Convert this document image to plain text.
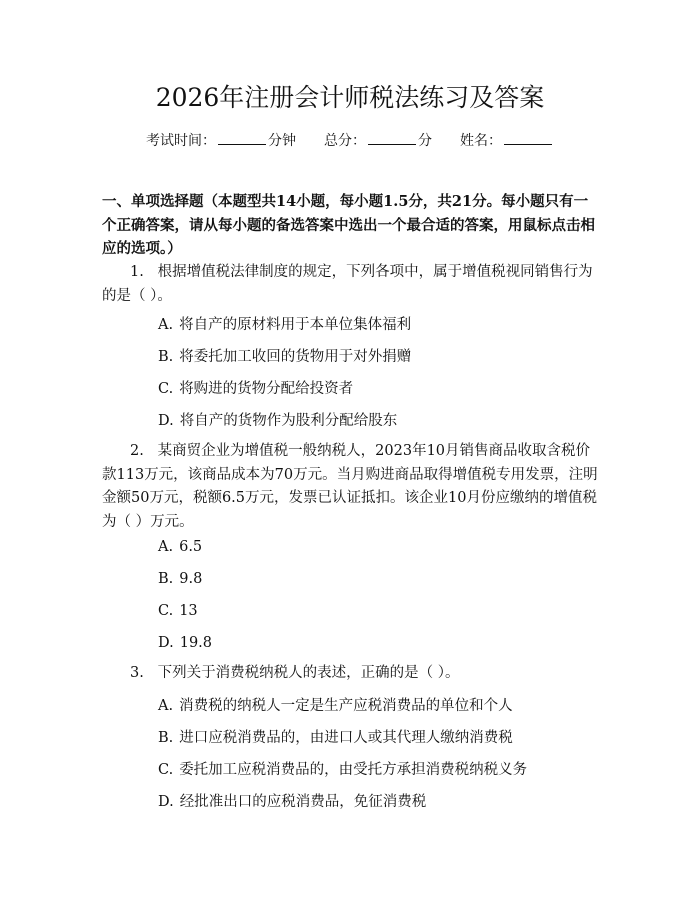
2026年注册会计师税法练习及答案
考试时间：	分钟 总分：	分 姓名：
一、单项选择题（本题型共14小题，每小题1.5分，共21分。每小题只有一个正确答案，请从每小题的备选答案中选出一个最合适的答案，用鼠标点击相应的选项。）
1. 根据增值税法律制度的规定，下列各项中，属于增值税视同销售行为的是（ ）。
A. 将自产的原材料用于本单位集体福利
B. 将委托加工收回的货物用于对外捐赠
C. 将购进的货物分配给投资者
D. 将自产的货物作为股利分配给股东
2. 某商贸企业为增值税一般纳税人，2023年10月销售商品收取含税价款113万元，该商品成本为70万元。当月购进商品取得增值税专用发票，注明金额50万元，税额6.5万元，发票已认证抵扣。该企业10月份应缴纳的增值税为（ ）万元。
A. 6.5
B. 9.8
C. 13
D. 19.8
3. 下列关于消费税纳税人的表述，正确的是（ ）。
A. 消费税的纳税人一定是生产应税消费品的单位和个人
B. 进口应税消费品的，由进口人或其代理人缴纳消费税
C. 委托加工应税消费品的，由受托方承担消费税纳税义务
D. 经批准出口的应税消费品，免征消费税
